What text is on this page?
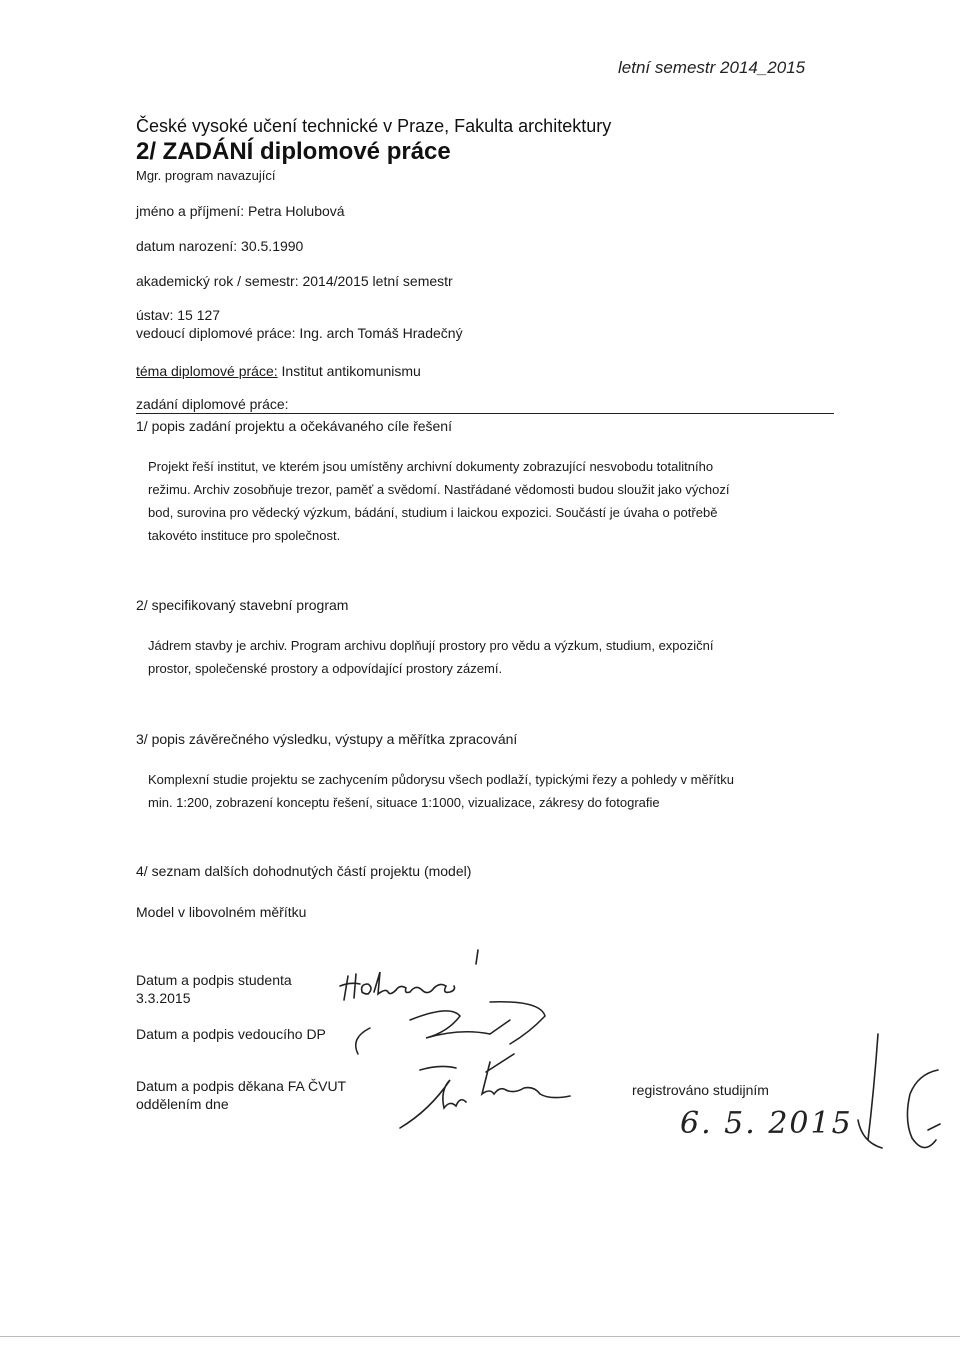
letní semestr 2014_2015
České vysoké učení technické v Praze, Fakulta architektury
2/ ZADÁNÍ diplomové práce
Mgr. program navazující
jméno a příjmení: Petra Holubová
datum narození: 30.5.1990
akademický rok / semestr: 2014/2015 letní semestr
ústav: 15 127
vedoucí diplomové práce: Ing. arch Tomáš Hradečný
téma diplomové práce: Institut antikomunismu
zadání diplomové práce:
1/ popis zadání projektu a očekávaného cíle řešení
Projekt řeší institut, ve kterém jsou umístěny archivní dokumenty zobrazující nesvobodu totalitního
režimu. Archiv zosobňuje trezor, paměť a svědomí. Nastřádané vědomosti budou sloužit jako výchozí
bod, surovina pro vědecký výzkum, bádání, studium i laickou expozici. Součástí je úvaha o potřebě
takovéto instituce pro společnost.
2/ specifikovaný stavební program
Jádrem stavby je archiv. Program archivu doplňují prostory pro vědu a výzkum, studium, expoziční
prostor, společenské prostory a odpovídající prostory zázemí.
3/ popis závěrečného výsledku, výstupy a měřítka zpracování
Komplexní studie projektu se zachycením půdorysu všech podlaží, typickými řezy a pohledy v měřítku
min. 1:200, zobrazení konceptu řešení, situace 1:1000, vizualizace, zákresy do fotografie
4/ seznam dalších dohodnutých částí projektu (model)
Model v libovolném měřítku
Datum a podpis studenta
3.3.2015
Datum a podpis vedoucího DP
Datum a podpis děkana FA ČVUT
oddělením dne
registrováno studijním
6. 5. 2015
